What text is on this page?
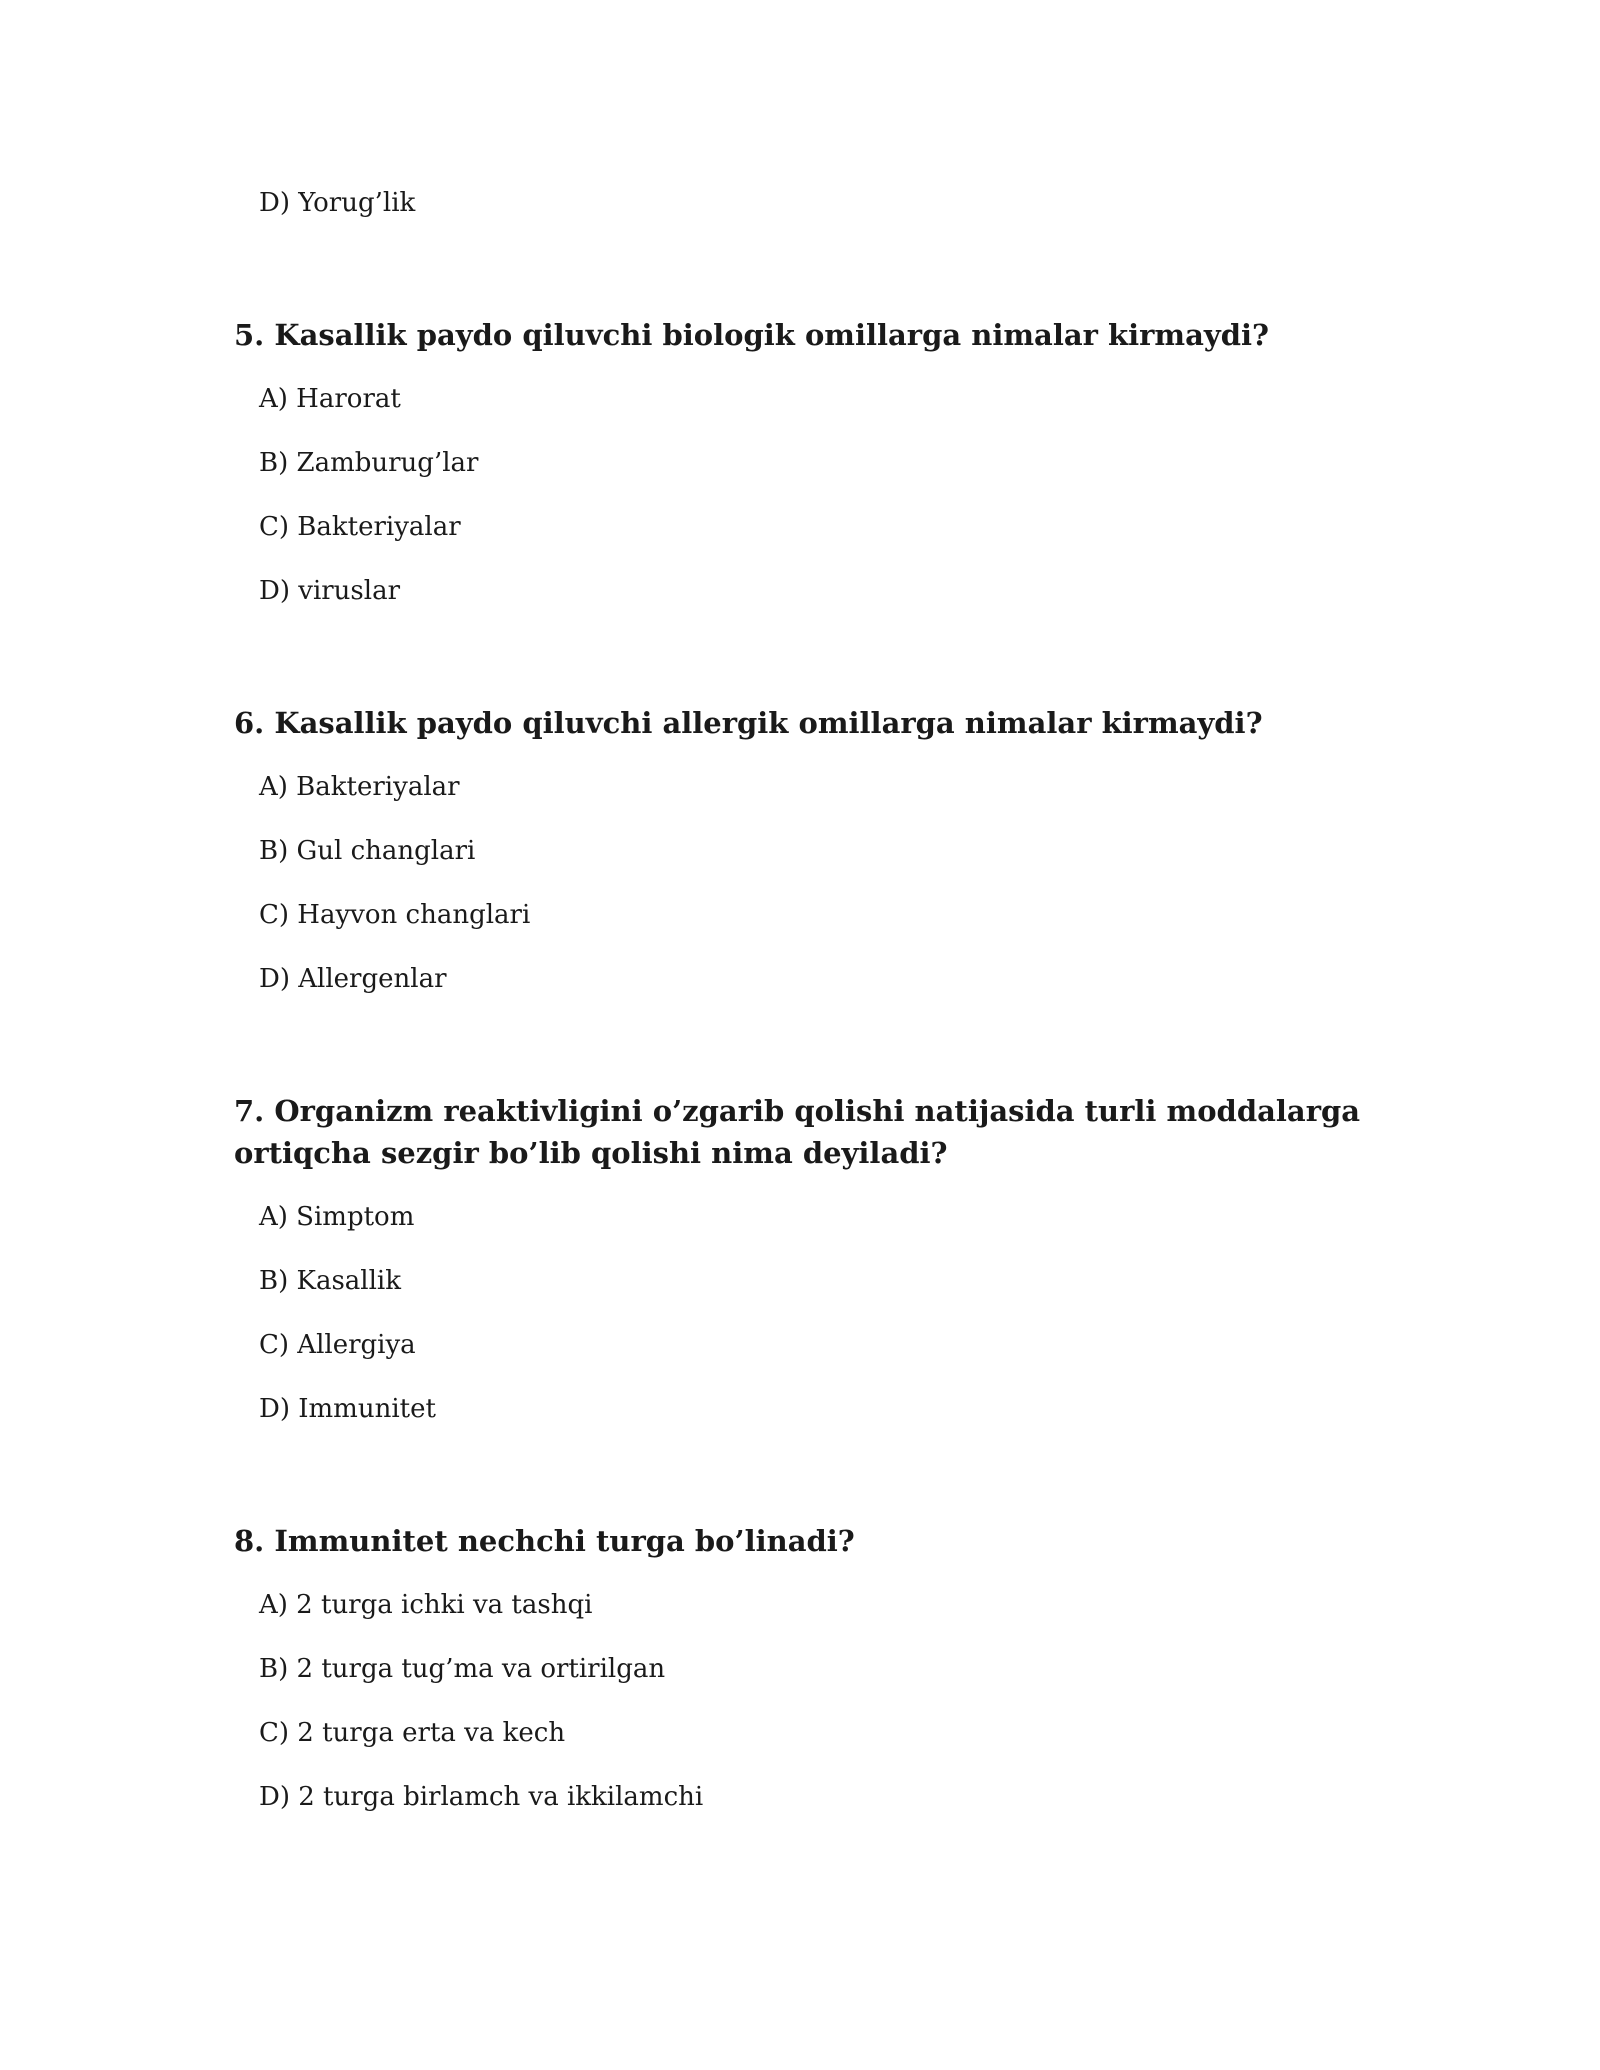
D) Yorug’lik
5. Kasallik paydo qiluvchi biologik omillarga nimalar kirmaydi?
A) Harorat
B) Zamburug’lar
C) Bakteriyalar
D) viruslar
6. Kasallik paydo qiluvchi allergik omillarga nimalar kirmaydi?
A) Bakteriyalar
B) Gul changlari
C) Hayvon changlari
D) Allergenlar
7. Organizm reaktivligini o’zgarib qolishi natijasida turli moddalarga ortiqcha sezgir bo’lib qolishi nima deyiladi?
A) Simptom
B) Kasallik
C) Allergiya
D) Immunitet
8. Immunitet nechchi turga bo’linadi?
A) 2 turga ichki va tashqi
B) 2 turga tug’ma va ortirilgan
C) 2 turga erta va kech
D) 2 turga birlamch va ikkilamchi
